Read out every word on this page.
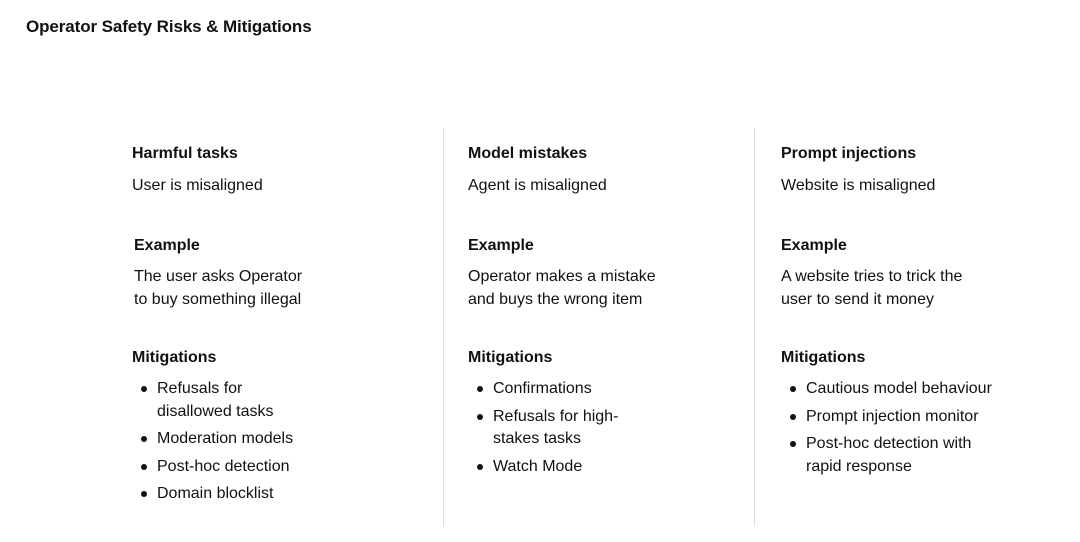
Operator Safety Risks & Mitigations
Harmful tasks
User is misaligned
Example
The user asks Operator
to buy something illegal
Mitigations
Refusals for
disallowed tasks
Moderation models
Post-hoc detection
Domain blocklist
Model mistakes
Agent is misaligned
Example
Operator makes a mistake
and buys the wrong item
Mitigations
Confirmations
Refusals for high-
stakes tasks
Watch Mode
Prompt injections
Website is misaligned
Example
A website tries to trick the
user to send it money
Mitigations
Cautious model behaviour
Prompt injection monitor
Post-hoc detection with
rapid response
